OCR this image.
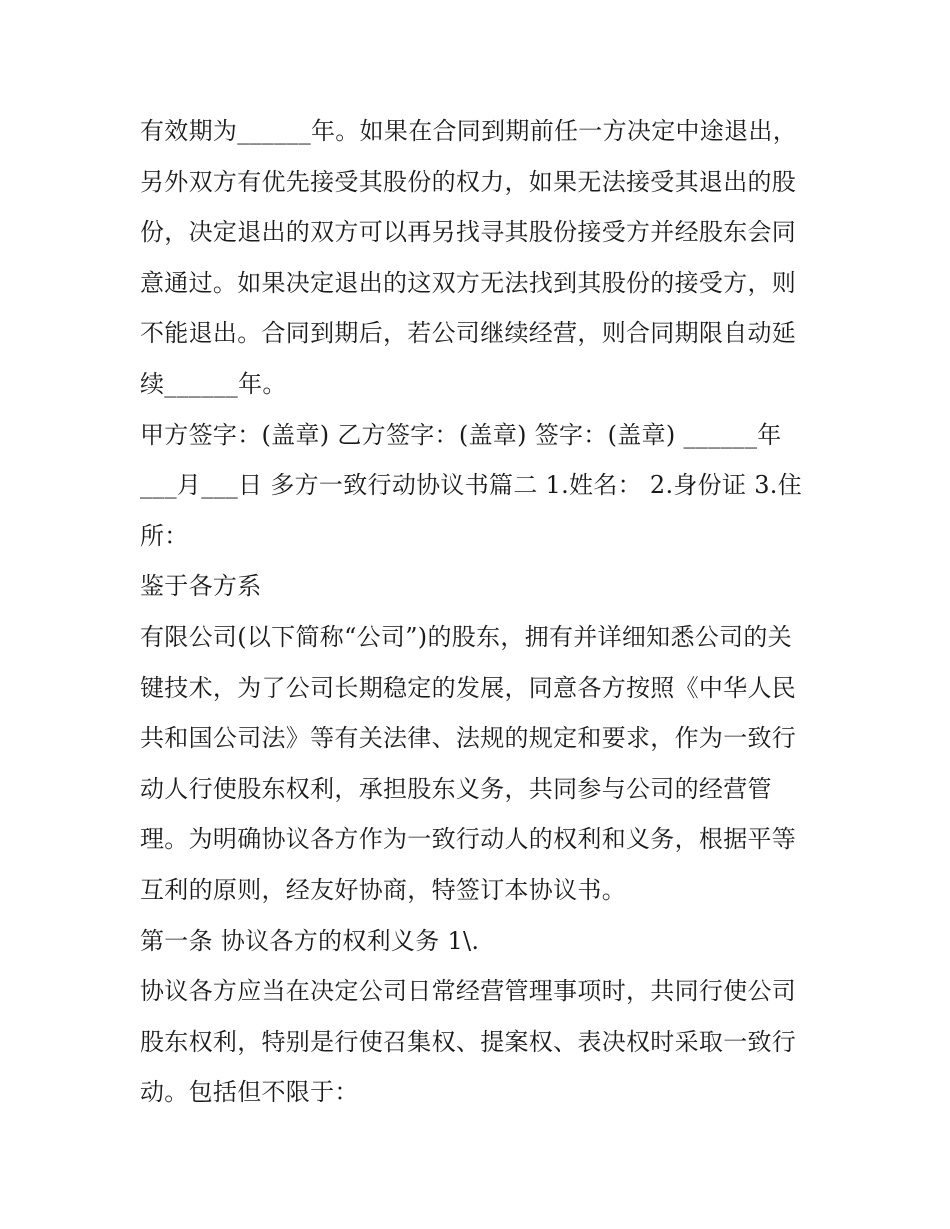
有效期为______年。如果在合同到期前任一方决定中途退出，
另外双方有优先接受其股份的权力，如果无法接受其退出的股
份，决定退出的双方可以再另找寻其股份接受方并经股东会同
意通过。如果决定退出的这双方无法找到其股份的接受方，则
不能退出。合同到期后，若公司继续经营，则合同期限自动延
续______年。
甲方签字：(盖章) 乙方签字：(盖章) 签字：(盖章) ______年
___月___日 多方一致行动协议书篇二 1.姓名： 2.身份证 3.住
所：
鉴于各方系
有限公司(以下简称“公司”)的股东，拥有并详细知悉公司的关
键技术，为了公司长期稳定的发展，同意各方按照《中华人民
共和国公司法》等有关法律、法规的规定和要求，作为一致行
动人行使股东权利，承担股东义务，共同参与公司的经营管
理。为明确协议各方作为一致行动人的权利和义务，根据平等
互利的原则，经友好协商，特签订本协议书。
第一条 协议各方的权利义务 1\.
协议各方应当在决定公司日常经营管理事项时，共同行使公司
股东权利，特别是行使召集权、提案权、表决权时采取一致行
动。包括但不限于：
